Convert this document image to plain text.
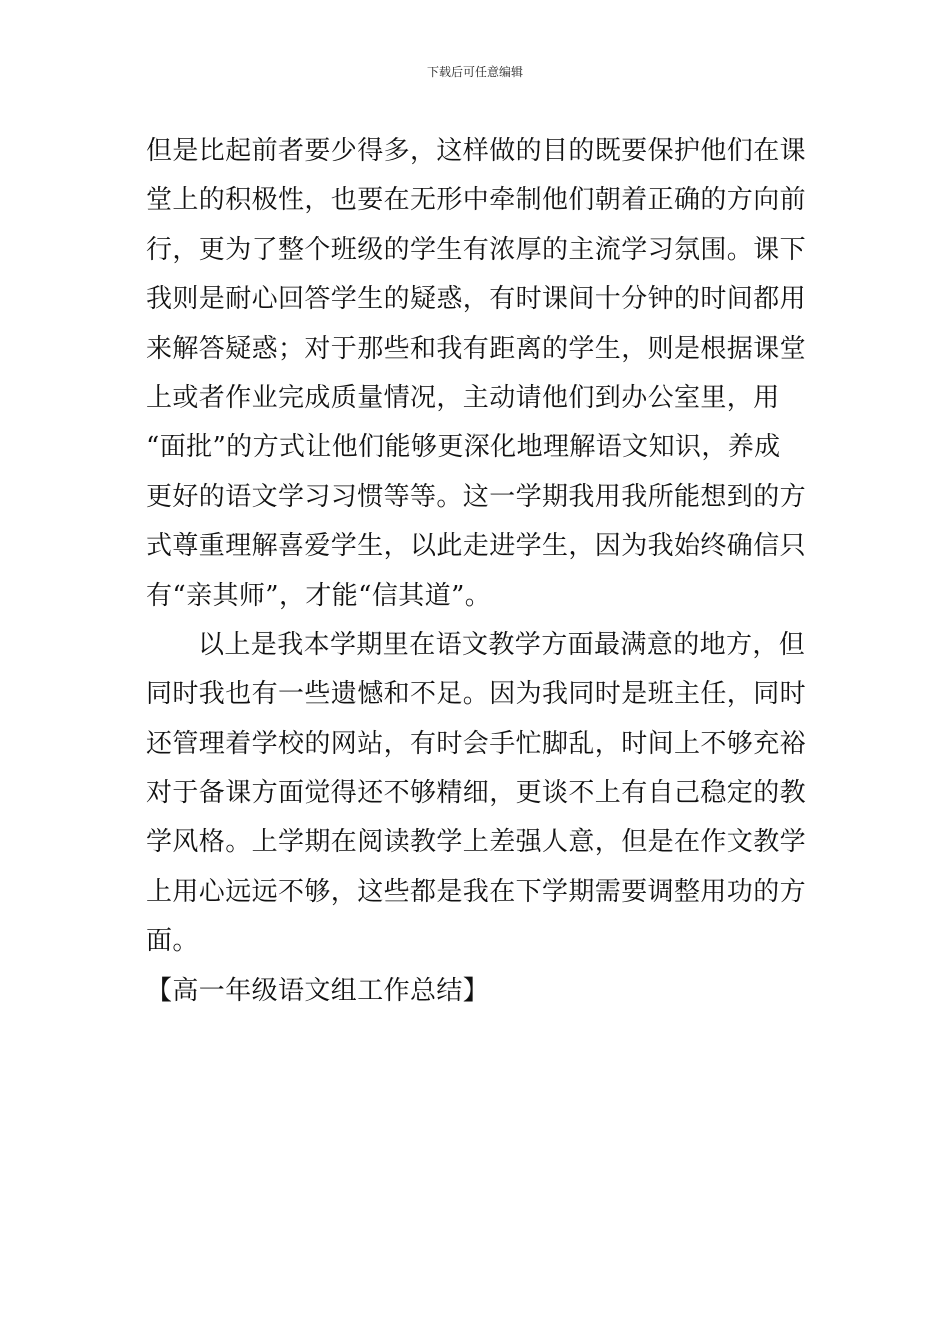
下载后可任意编辑
但是比起前者要少得多，这样做的目的既要保护他们在课
堂上的积极性，也要在无形中牵制他们朝着正确的方向前
行，更为了整个班级的学生有浓厚的主流学习氛围。课下
我则是耐心回答学生的疑惑，有时课间十分钟的时间都用
来解答疑惑；对于那些和我有距离的学生，则是根据课堂
上或者作业完成质量情况，主动请他们到办公室里，用
“面批”的方式让他们能够更深化地理解语文知识，养成
更好的语文学习习惯等等。这一学期我用我所能想到的方
式尊重理解喜爱学生，以此走进学生，因为我始终确信只
有“亲其师”，才能“信其道”。
以上是我本学期里在语文教学方面最满意的地方，但
同时我也有一些遗憾和不足。因为我同时是班主任，同时
还管理着学校的网站，有时会手忙脚乱，时间上不够充裕
对于备课方面觉得还不够精细，更谈不上有自己稳定的教
学风格。上学期在阅读教学上差强人意，但是在作文教学
上用心远远不够，这些都是我在下学期需要调整用功的方
面。
【高一年级语文组工作总结】
